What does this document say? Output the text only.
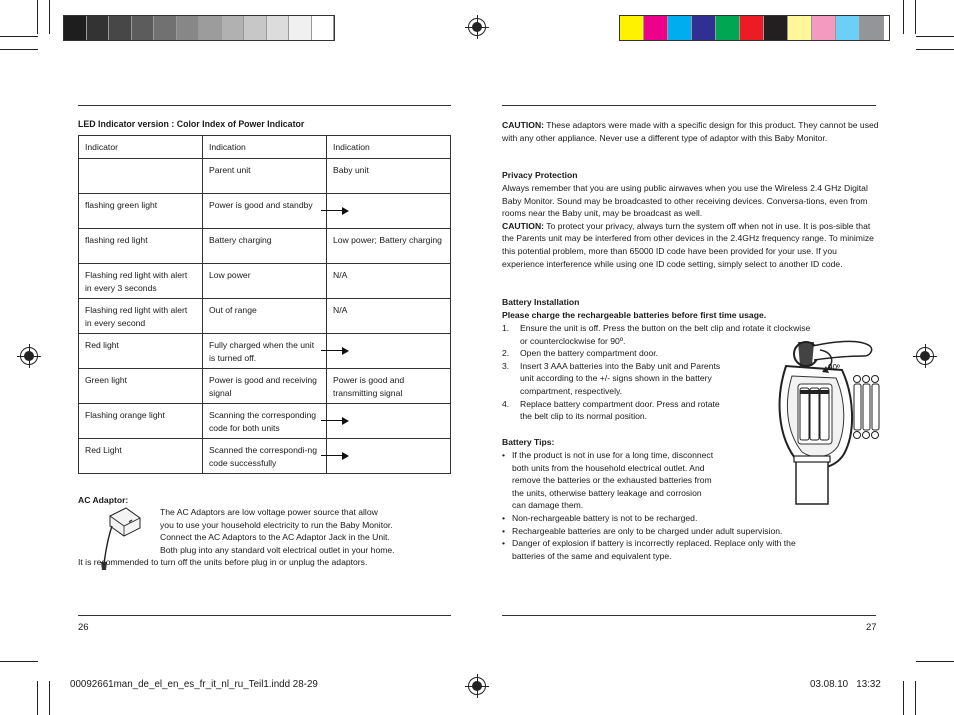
LED Indicator version : Color Index of Power Indicator
Indicator	Indication	Indication
	Parent unit	Baby unit
flashing green light	Power is good and standby	

flashing red light	Battery charging	Low power; Battery charging
Flashing red light with alert in every 3 seconds	Low power	N/A
Flashing red light with alert in every second	Out of range	N/A
Red light	Fully charged when the unit is turned off.	

Green light	Power is good and receiving signal	Power is good and transmitting signal
Flashing orange light	Scanning the corresponding code for both units	

Red Light	Scanned the correspondi-ng code successfully	
AC Adaptor:
The AC Adaptors are low voltage power source that allow
you to use your household electricity to run the Baby Monitor.
Connect the AC Adaptors to the AC Adaptor Jack in the Unit.
Both plug into any standard volt electrical outlet in your home.
It is recommended to turn off the units before plug in or unplug the adaptors.
26
CAUTION: These adaptors were made with a specific design for this product. They cannot be used with any other appliance. Never use a different type of adaptor with this Baby Monitor.
Privacy Protection
Always remember that you are using public airwaves when you use the Wireless 2.4 GHz Digital Baby Monitor. Sound may be broadcasted to other receiving devices. Conversa-tions, even from rooms near the Baby unit, may be broadcast as well.
CAUTION: To protect your privacy, always turn the system off when not in use. It is pos-sible that the Parents unit may be interfered from other devices in the 2.4GHz frequency range. To minimize this potential problem, more than 65000 ID code have been provided for your use. If you experience interference while using one ID code setting, simply select to another ID code.
Battery Installation
Please charge the rechargeable batteries before first time usage.
1. Ensure the unit is off. Press the button on the belt clip and rotate it clockwise
or counterclockwise for 90º.
2. Open the battery compartment door.
3. Insert 3 AAA batteries into the Baby unit and Parents
unit according to the +/- signs shown in the battery
compartment, respectively.
4. Replace battery compartment door. Press and rotate
the belt clip to its normal position.
Battery Tips:
• If the product is not in use for a long time, disconnect
both units from the household electrical outlet. And
remove the batteries or the exhausted batteries from
the units, otherwise battery leakage and corrosion
can damage them.
• Non-rechargeable battery is not to be recharged.
• Rechargeable batteries are only to be charged under adult supervision.
• Danger of explosion if battery is incorrectly replaced. Replace only with the
batteries of the same and equivalent type.
90º
27
00092661man_de_el_en_es_fr_it_nl_ru_Teil1.indd 28-29	03.08.10   13:32
